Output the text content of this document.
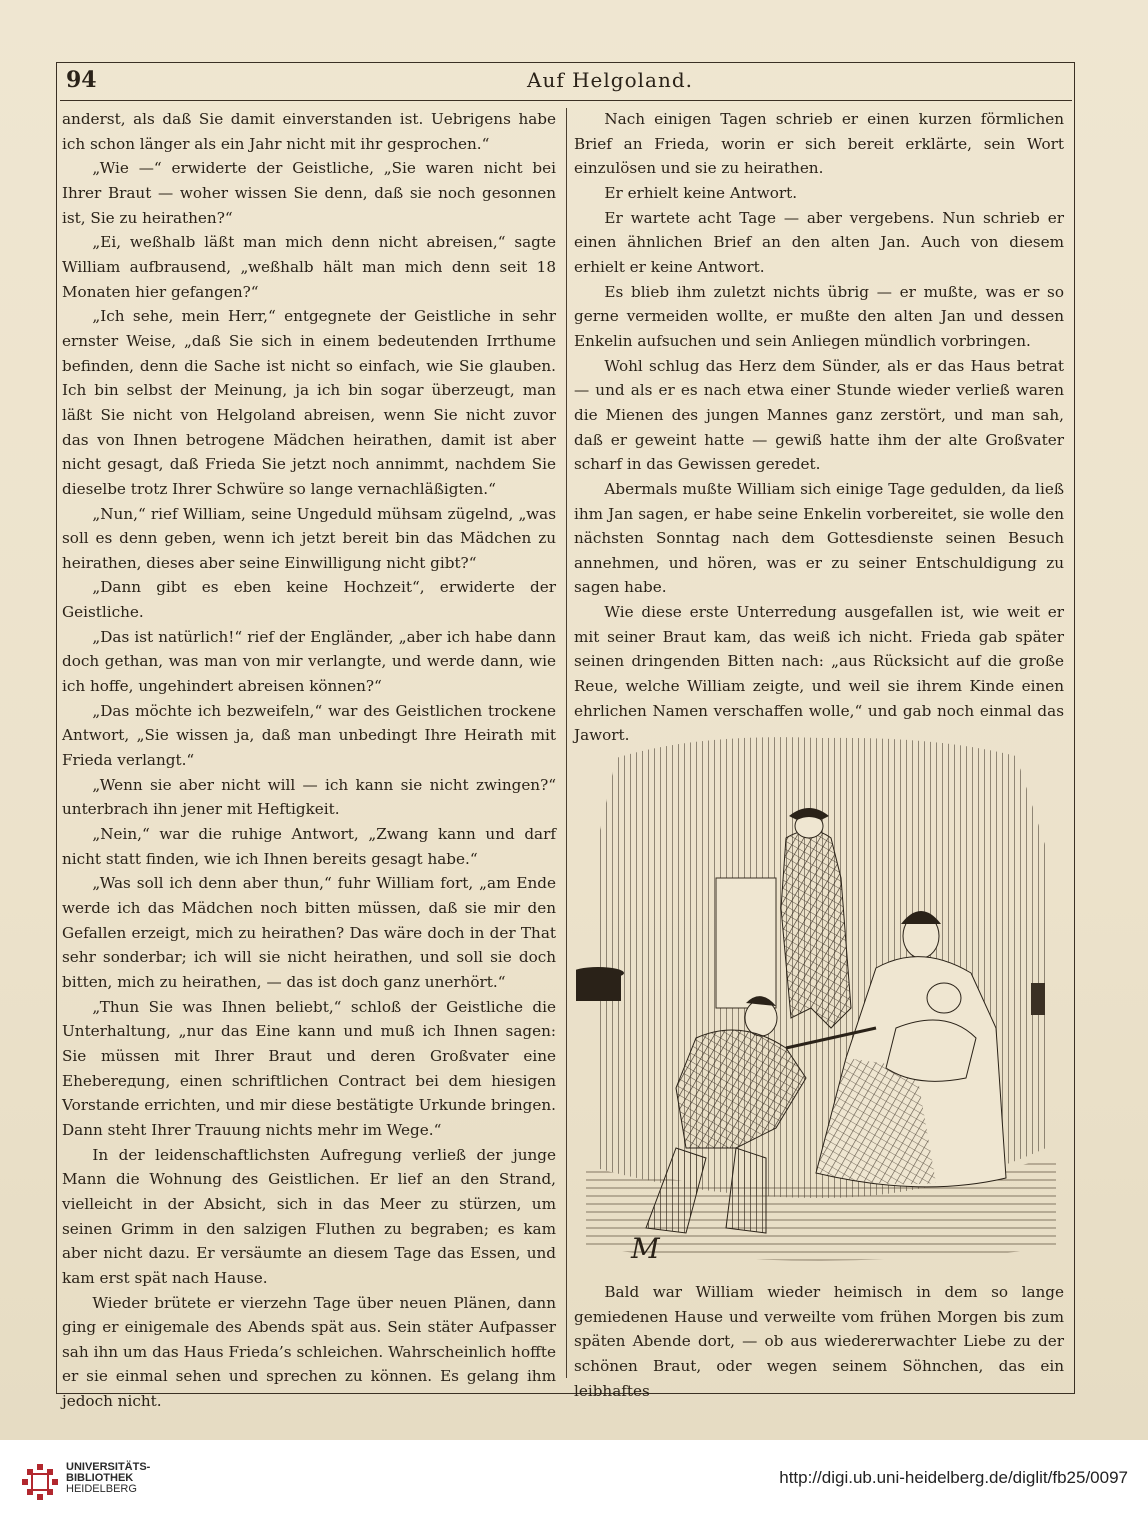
94	Auf Helgoland.

anderst, als daß Sie damit einverstanden ist. Uebrigens habe ich schon länger als ein Jahr nicht mit ihr gesprochen.“

„Wie —“ erwiderte der Geistliche, „Sie waren nicht bei Ihrer Braut — woher wissen Sie denn, daß sie noch gesonnen ist, Sie zu heirathen?“

„Ei, weßhalb läßt man mich denn nicht abreisen,“ sagte William aufbrausend, „weßhalb hält man mich denn seit 18 Monaten hier gefangen?“

„Ich sehe, mein Herr,“ entgegnete der Geistliche in sehr ernster Weise, „daß Sie sich in einem bedeutenden Irrthume befinden, denn die Sache ist nicht so einfach, wie Sie glauben. Ich bin selbst der Meinung, ja ich bin sogar überzeugt, man läßt Sie nicht von Helgoland abreisen, wenn Sie nicht zuvor das von Ihnen betrogene Mädchen heirathen, damit ist aber nicht gesagt, daß Frieda Sie jetzt noch annimmt, nachdem Sie dieselbe trotz Ihrer Schwüre so lange vernachläßigten.“

„Nun,“ rief William, seine Ungeduld mühsam zügelnd, „was soll es denn geben, wenn ich jetzt bereit bin das Mädchen zu heirathen, dieses aber seine Einwilligung nicht gibt?“

„Dann gibt es eben keine Hochzeit“, erwiderte der Geistliche.

„Das ist natürlich!“ rief der Engländer, „aber ich habe dann doch gethan, was man von mir verlangte, und werde dann, wie ich hoffe, ungehindert abreisen können?“

„Das möchte ich bezweifeln,“ war des Geistlichen trockene Antwort, „Sie wissen ja, daß man unbedingt Ihre Heirath mit Frieda verlangt.“

„Wenn sie aber nicht will — ich kann sie nicht zwingen?“ unterbrach ihn jener mit Heftigkeit.

„Nein,“ war die ruhige Antwort, „Zwang kann und darf nicht statt finden, wie ich Ihnen bereits gesagt habe.“

„Was soll ich denn aber thun,“ fuhr William fort, „am Ende werde ich das Mädchen noch bitten müssen, daß sie mir den Gefallen erzeigt, mich zu heirathen? Das wäre doch in der That sehr sonderbar; ich will sie nicht heirathen, und soll sie doch bitten, mich zu heirathen, — das ist doch ganz unerhört.“

„Thun Sie was Ihnen beliebt,“ schloß der Geistliche die Unterhaltung, „nur das Eine kann und muß ich Ihnen sagen: Sie müssen mit Ihrer Braut und deren Großvater eine Ehebereдung, einen schriftlichen Contract bei dem hiesigen Vorstande errichten, und mir diese bestätigte Urkunde bringen. Dann steht Ihrer Trauung nichts mehr im Wege.“

In der leidenschaftlichsten Aufregung verließ der junge Mann die Wohnung des Geistlichen. Er lief an den Strand, vielleicht in der Absicht, sich in das Meer zu stürzen, um seinen Grimm in den salzigen Fluthen zu begraben; es kam aber nicht dazu. Er versäumte an diesem Tage das Essen, und kam erst spät nach Hause.

Wieder brütete er vierzehn Tage über neuen Plänen, dann ging er einigemale des Abends spät aus. Sein stäter Aufpasser sah ihn um das Haus Frieda’s schleichen. Wahrscheinlich hoffte er sie einmal sehen und sprechen zu können. Es gelang ihm jedoch nicht.

Nach einigen Tagen schrieb er einen kurzen förmlichen Brief an Frieda, worin er sich bereit erklärte, sein Wort einzulösen und sie zu heirathen.

Er erhielt keine Antwort.

Er wartete acht Tage — aber vergebens. Nun schrieb er einen ähnlichen Brief an den alten Jan. Auch von diesem erhielt er keine Antwort.

Es blieb ihm zuletzt nichts übrig — er mußte, was er so gerne vermeiden wollte, er mußte den alten Jan und dessen Enkelin aufsuchen und sein Anliegen mündlich vorbringen.

Wohl schlug das Herz dem Sünder, als er das Haus betrat — und als er es nach etwa einer Stunde wieder verließ waren die Mienen des jungen Mannes ganz zerstört, und man sah, daß er geweint hatte — gewiß hatte ihm der alte Großvater scharf in das Gewissen geredet.

Abermals mußte William sich einige Tage gedulden, da ließ ihm Jan sagen, er habe seine Enkelin vorbereitet, sie wolle den nächsten Sonntag nach dem Gottesdienste seinen Besuch annehmen, und hören, was er zu seiner Entschuldigung zu sagen habe.

Wie diese erste Unterredung ausgefallen ist, wie weit er mit seiner Braut kam, das weiß ich nicht. Frieda gab später seinen dringenden Bitten nach: „aus Rücksicht auf die große Reue, welche William zeigte, und weil sie ihrem Kinde einen ehrlichen Namen verschaffen wolle,“ und gab noch einmal das Jawort.

M

Bald war William wieder heimisch in dem so lange gemiedenen Hause und verweilte vom frühen Morgen bis zum späten Abende dort, — ob aus wiedererwachter Liebe zu der schönen Braut, oder wegen seinem Söhnchen, das ein leibhaftes

UNIVERSITÄTS-
BIBLIOTHEK
HEIDELBERG
http://digi.ub.uni-heidelberg.de/diglit/fb25/0097
